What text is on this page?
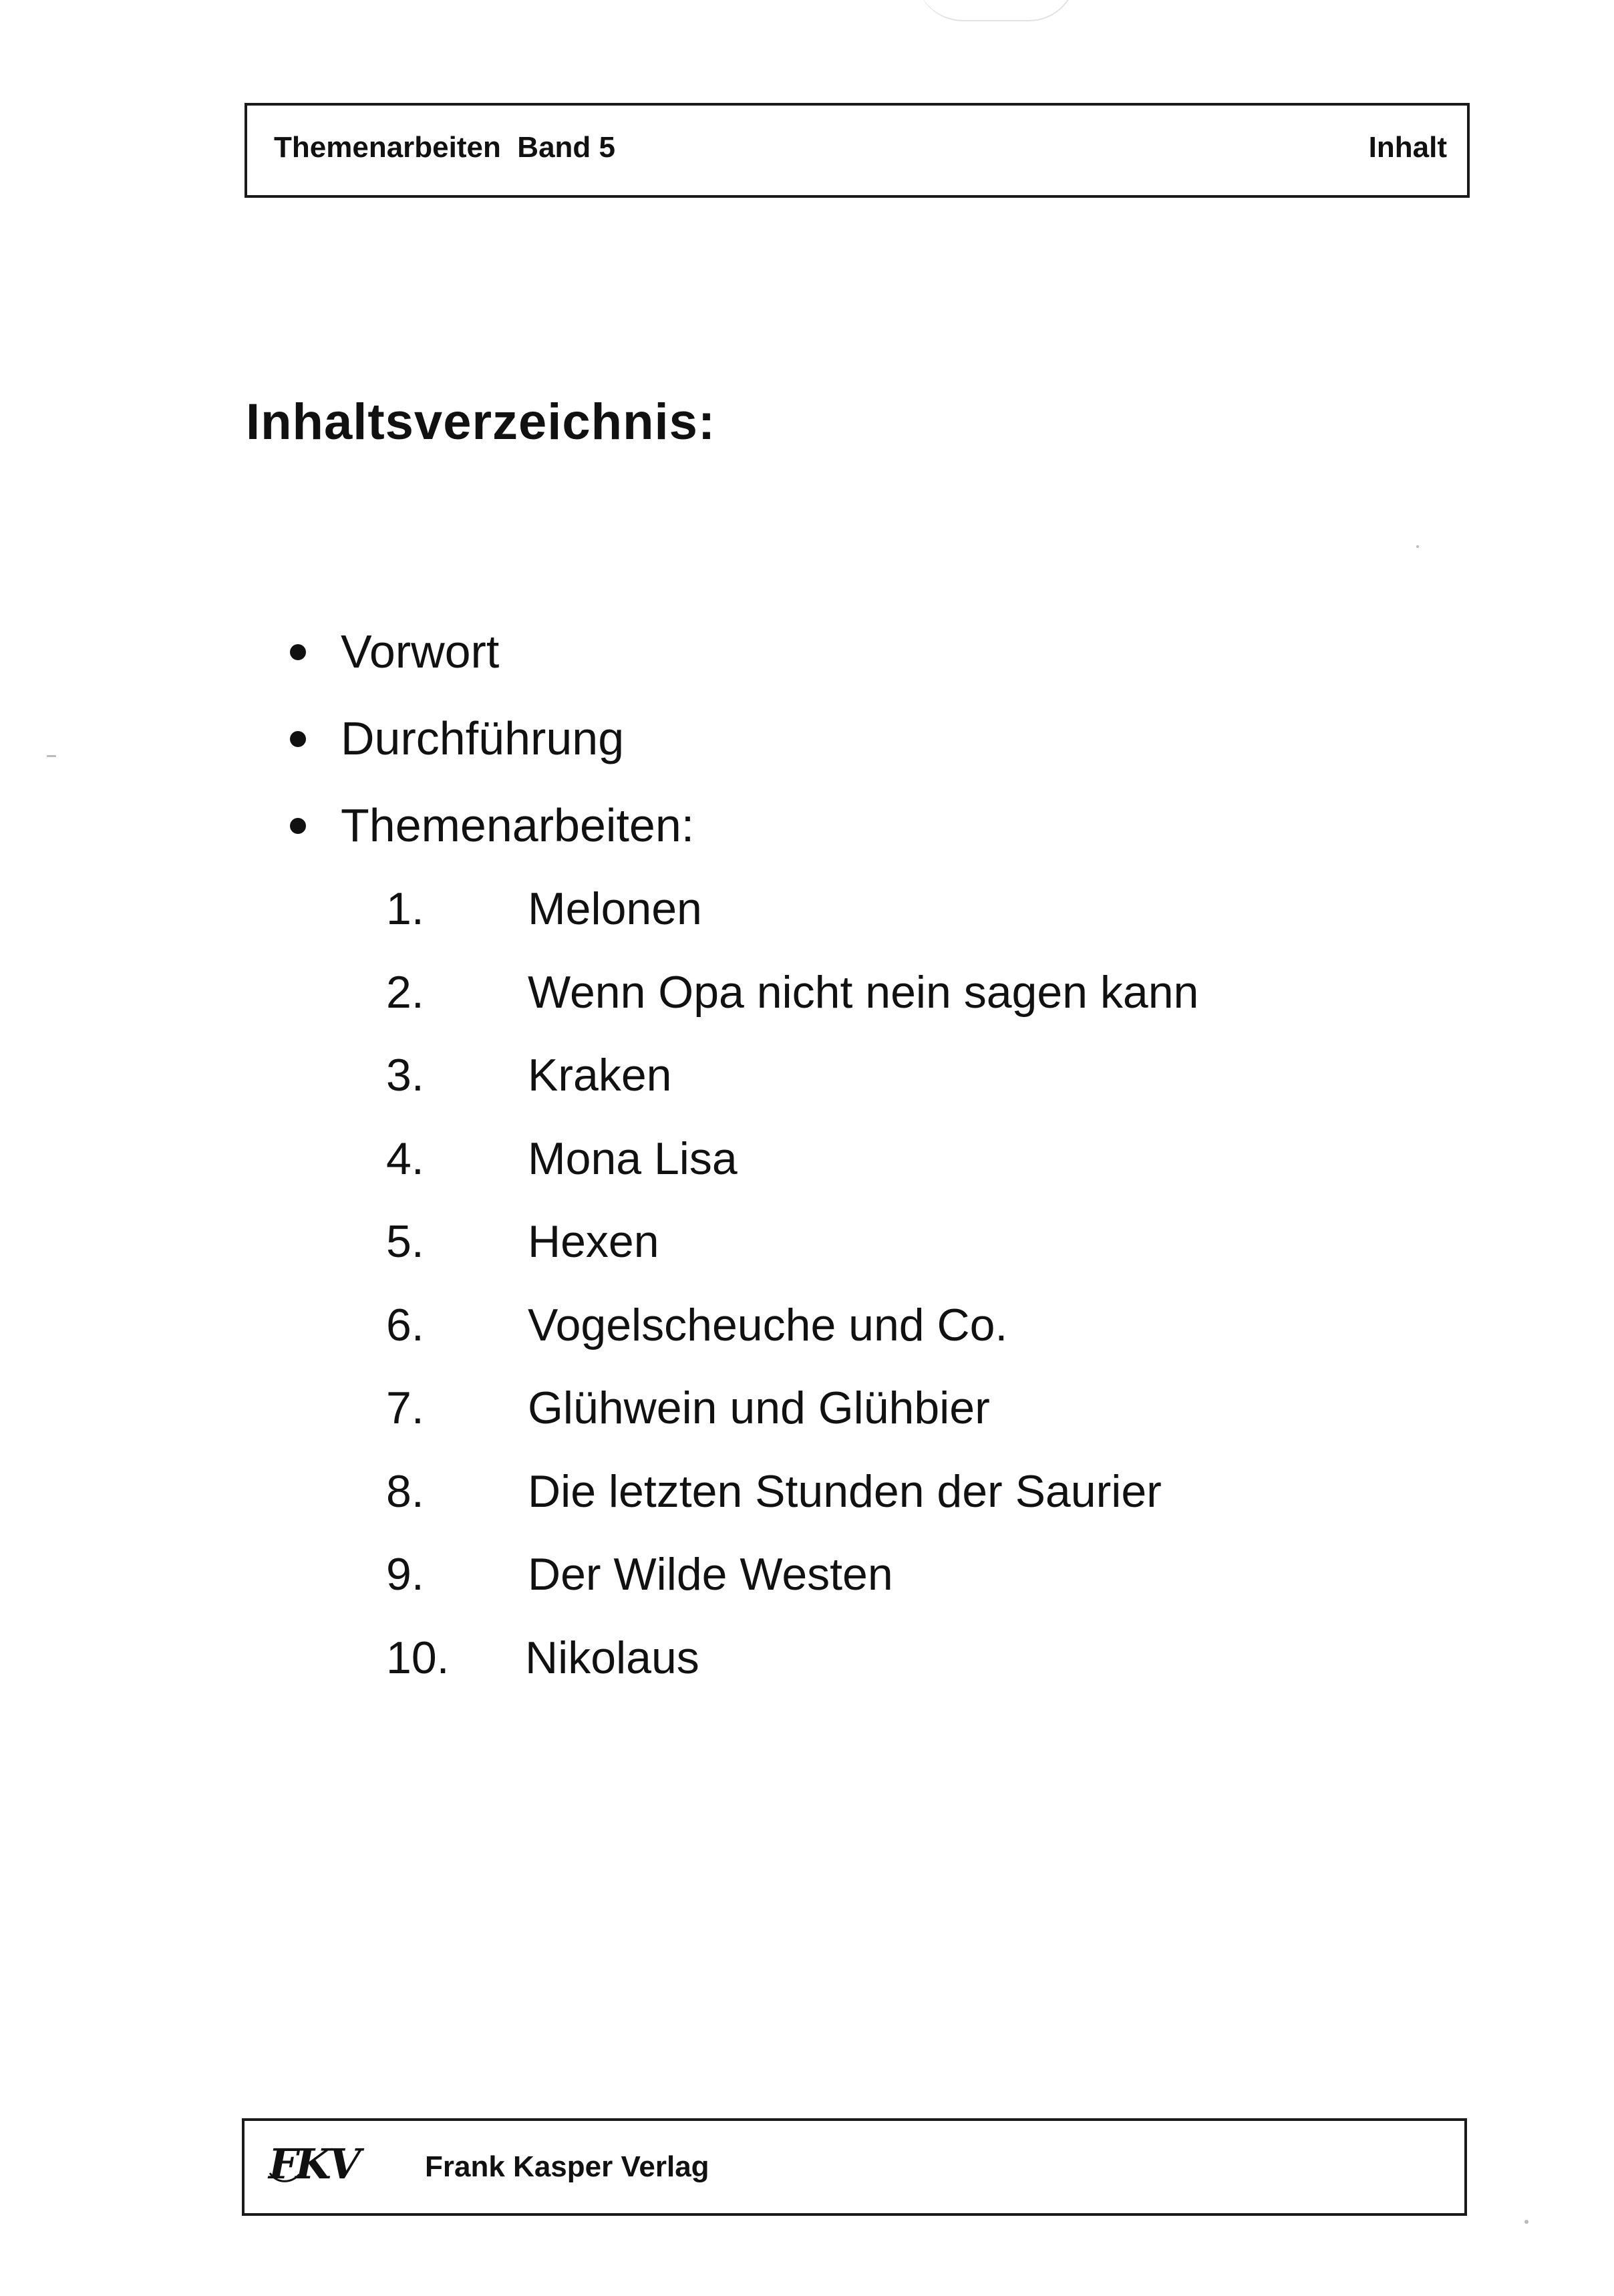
Themenarbeiten  Band 5	Inhalt
Inhaltsverzeichnis:
Vorwort
Durchführung
Themenarbeiten:
1. Melonen
2. Wenn Opa nicht nein sagen kann
3. Kraken
4. Mona Lisa
5. Hexen
6. Vogelscheuche und Co.
7. Glühwein und Glühbier
8. Die letzten Stunden der Saurier
9. Der Wilde Westen
10. Nikolaus
FKV Frank Kasper Verlag
